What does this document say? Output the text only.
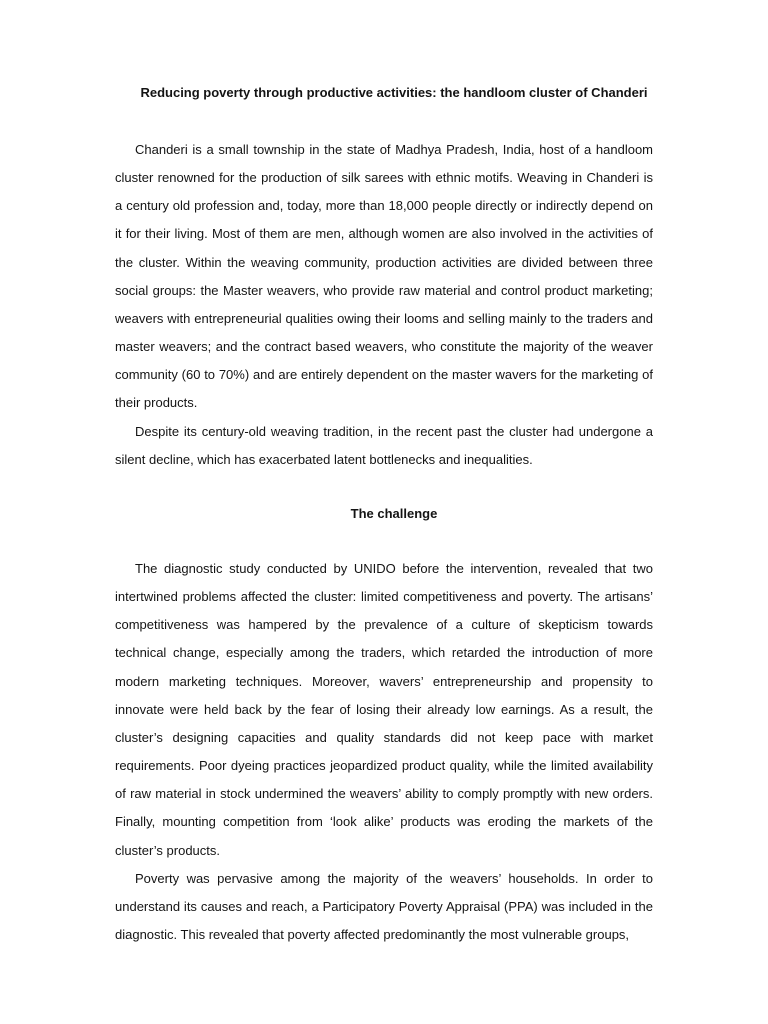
Reducing poverty through productive activities: the handloom cluster of Chanderi

Chanderi is a small township in the state of Madhya Pradesh, India, host of a handloom cluster renowned for the production of silk sarees with ethnic motifs. Weaving in Chanderi is a century old profession and, today, more than 18,000 people directly or indirectly depend on it for their living. Most of them are men, although women are also involved in the activities of the cluster. Within the weaving community, production activities are divided between three social groups: the Master weavers, who provide raw material and control product marketing; weavers with entrepreneurial qualities owing their looms and selling mainly to the traders and master weavers; and the contract based weavers, who constitute the majority of the weaver community (60 to 70%) and are entirely dependent on the master wavers for the marketing of their products.

Despite its century-old weaving tradition, in the recent past the cluster had undergone a silent decline, which has exacerbated latent bottlenecks and inequalities.

The challenge

The diagnostic study conducted by UNIDO before the intervention, revealed that two intertwined problems affected the cluster: limited competitiveness and poverty. The artisans’ competitiveness was hampered by the prevalence of a culture of skepticism towards technical change, especially among the traders, which retarded the introduction of more modern marketing techniques. Moreover, wavers’ entrepreneurship and propensity to innovate were held back by the fear of losing their already low earnings. As a result, the cluster’s designing capacities and quality standards did not keep pace with market requirements. Poor dyeing practices jeopardized product quality, while the limited availability of raw material in stock undermined the weavers’ ability to comply promptly with new orders. Finally, mounting competition from ‘look alike’ products was eroding the markets of the cluster’s products.

Poverty was pervasive among the majority of the weavers’ households. In order to understand its causes and reach, a Participatory Poverty Appraisal (PPA) was included in the diagnostic. This revealed that poverty affected predominantly the most vulnerable groups,
